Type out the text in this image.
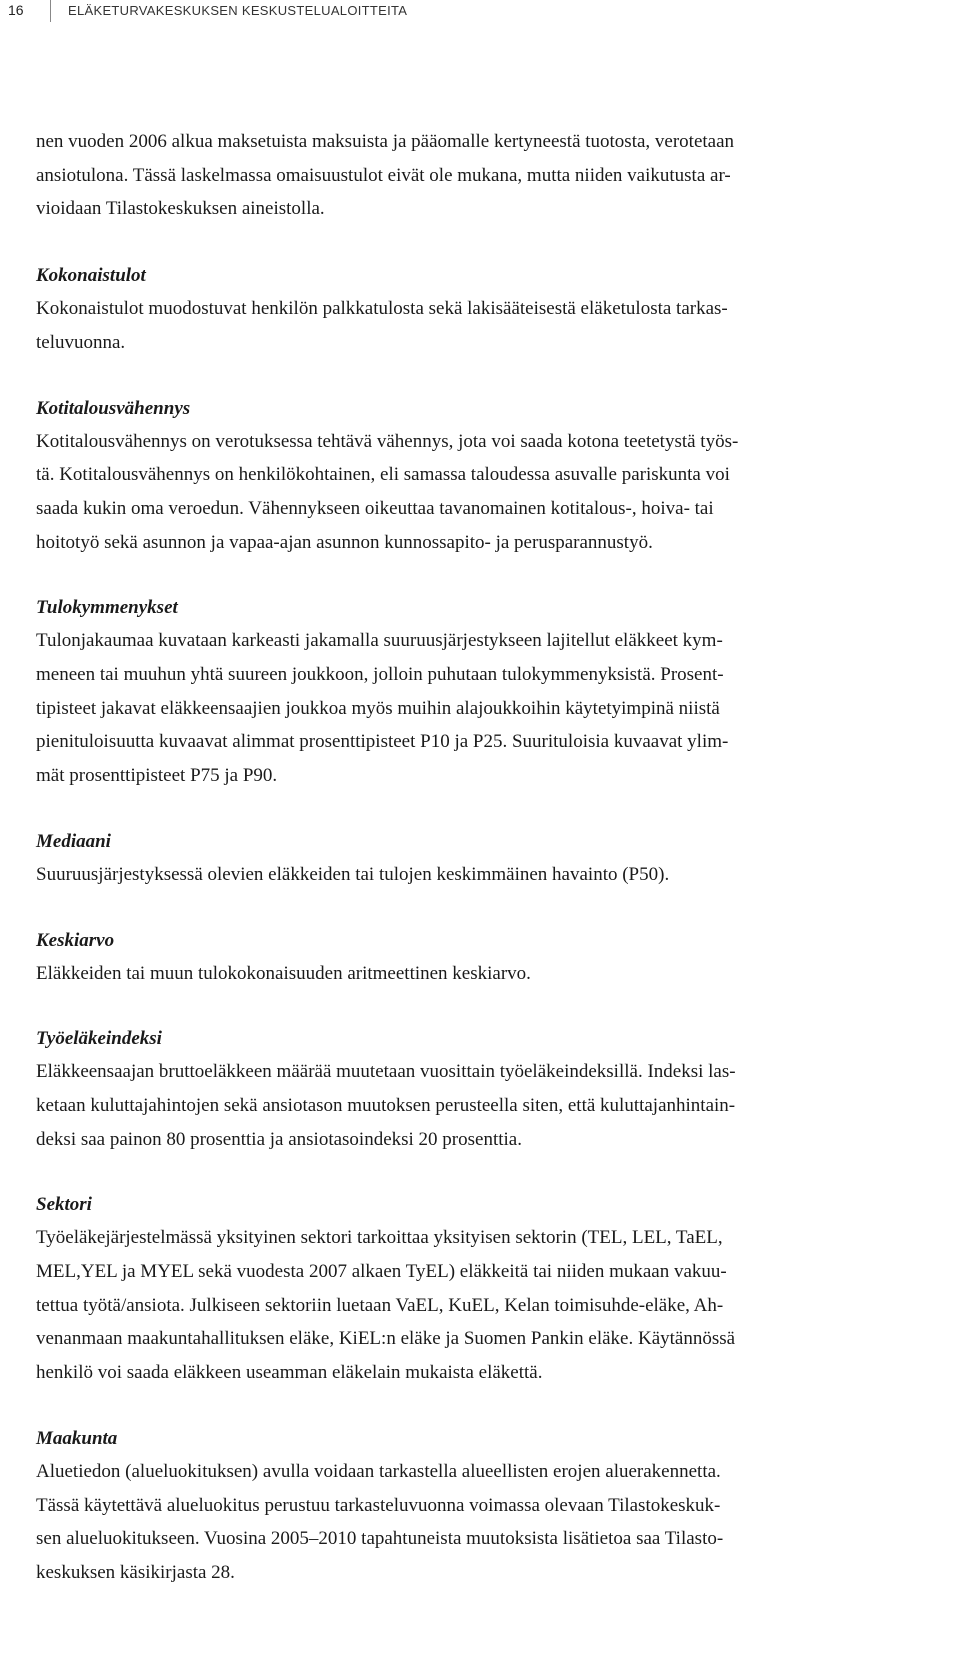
16	ELÄKETURVAKESKUKSEN KESKUSTELUALOITTEITA

nen vuoden 2006 alkua maksetuista maksuista ja pääomalle kertyneestä tuotosta, verotetaan
ansiotulona. Tässä laskelmassa omaisuustulot eivät ole mukana, mutta niiden vaikutusta ar-
vioidaan Tilastokeskuksen aineistolla.

Kokonaistulot

Kokonaistulot muodostuvat henkilön palkkatulosta sekä lakisääteisestä eläketulosta tarkas-
teluvuonna.

Kotitalousvähennys

Kotitalousvähennys on verotuksessa tehtävä vähennys, jota voi saada kotona teetetystä työs-
tä. Kotitalousvähennys on henkilökohtainen, eli samassa taloudessa asuvalle pariskunta voi
saada kukin oma veroedun. Vähennykseen oikeuttaa tavanomainen kotitalous-, hoiva- tai
hoitotyö sekä asunnon ja vapaa-ajan asunnon kunnossapito- ja perusparannustyö.

Tulokymmenykset

Tulonjakaumaa kuvataan karkeasti jakamalla suuruusjärjestykseen lajitellut eläkkeet kym-
meneen tai muuhun yhtä suureen joukkoon, jolloin puhutaan tulokymmenyksistä. Prosent-
tipisteet jakavat eläkkeensaajien joukkoa myös muihin alajoukkoihin käytetyimpinä niistä
pienituloisuutta kuvaavat alimmat prosenttipisteet P10 ja P25. Suurituloisia kuvaavat ylim-
mät prosenttipisteet P75 ja P90.

Mediaani

Suuruusjärjestyksessä olevien eläkkeiden tai tulojen keskimmäinen havainto (P50).

Keskiarvo

Eläkkeiden tai muun tulokokonaisuuden aritmeettinen keskiarvo.

Työeläkeindeksi

Eläkkeensaajan bruttoeläkkeen määrää muutetaan vuosittain työeläkeindeksillä. Indeksi las-
ketaan kuluttajahintojen sekä ansiotason muutoksen perusteella siten, että kuluttajanhintain-
deksi saa painon 80 prosenttia ja ansiotasoindeksi 20 prosenttia.

Sektori

Työeläkejärjestelmässä yksityinen sektori tarkoittaa yksityisen sektorin (TEL, LEL, TaEL,
MEL,YEL ja MYEL sekä vuodesta 2007 alkaen TyEL) eläkkeitä tai niiden mukaan vakuu-
tettua työtä/ansiota. Julkiseen sektoriin luetaan VaEL, KuEL, Kelan toimisuhde-eläke, Ah-
venanmaan maakuntahallituksen eläke, KiEL:n eläke ja Suomen Pankin eläke. Käytännössä
henkilö voi saada eläkkeen useamman eläkelain mukaista eläkettä.

Maakunta

Aluetiedon (alueluokituksen) avulla voidaan tarkastella alueellisten erojen aluerakennetta.
Tässä käytettävä alueluokitus perustuu tarkasteluvuonna voimassa olevaan Tilastokeskuk-
sen alueluokitukseen. Vuosina 2005–2010 tapahtuneista muutoksista lisätietoa saa Tilasto-
keskuksen käsikirjasta 28.
